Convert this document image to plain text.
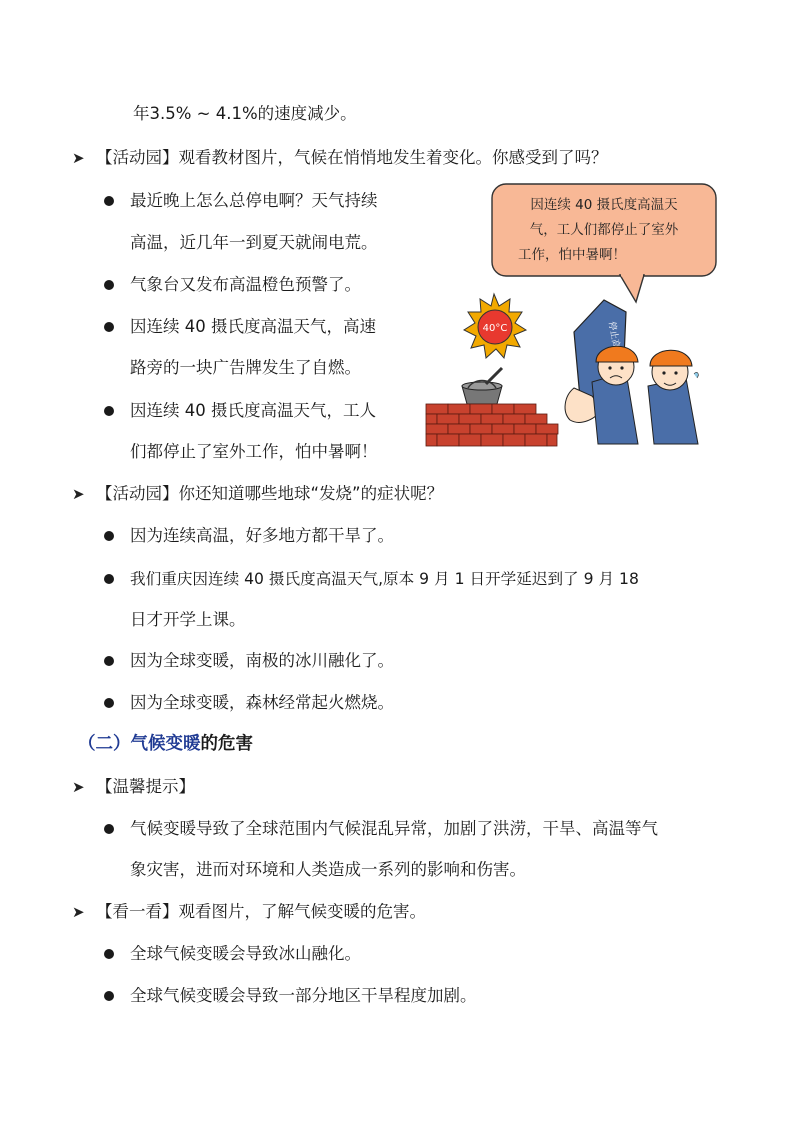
年3.5% ~ 4.1%的速度减少。
➤ 【活动园】观看教材图片，气候在悄悄地发生着变化。你感受到了吗？
最近晚上怎么总停电啊？天气持续
高温，近几年一到夏天就闹电荒。
气象台又发布高温橙色预警了。
因连续 40 摄氏度高温天气，高速
路旁的一块广告牌发生了自燃。
因连续 40 摄氏度高温天气，工人
们都停止了室外工作，怕中暑啊！
因连续 40 摄氏度高温天
气，工人们都停止了室外
工作，怕中暑啊！
40°C
➤ 【活动园】你还知道哪些地球“发烧”的症状呢？
因为连续高温，好多地方都干旱了。
我们重庆因连续 40 摄氏度高温天气,原本 9 月 1 日开学延迟到了 9 月 18
日才开学上课。
因为全球变暖，南极的冰川融化了。
因为全球变暖，森林经常起火燃烧。
（二）气候变暖的危害
➤ 【温馨提示】
气候变暖导致了全球范围内气候混乱异常，加剧了洪涝，干旱、高温等气
象灾害，进而对环境和人类造成一系列的影响和伤害。
➤ 【看一看】观看图片，了解气候变暖的危害。
全球气候变暖会导致冰山融化。
全球气候变暖会导致一部分地区干旱程度加剧。
